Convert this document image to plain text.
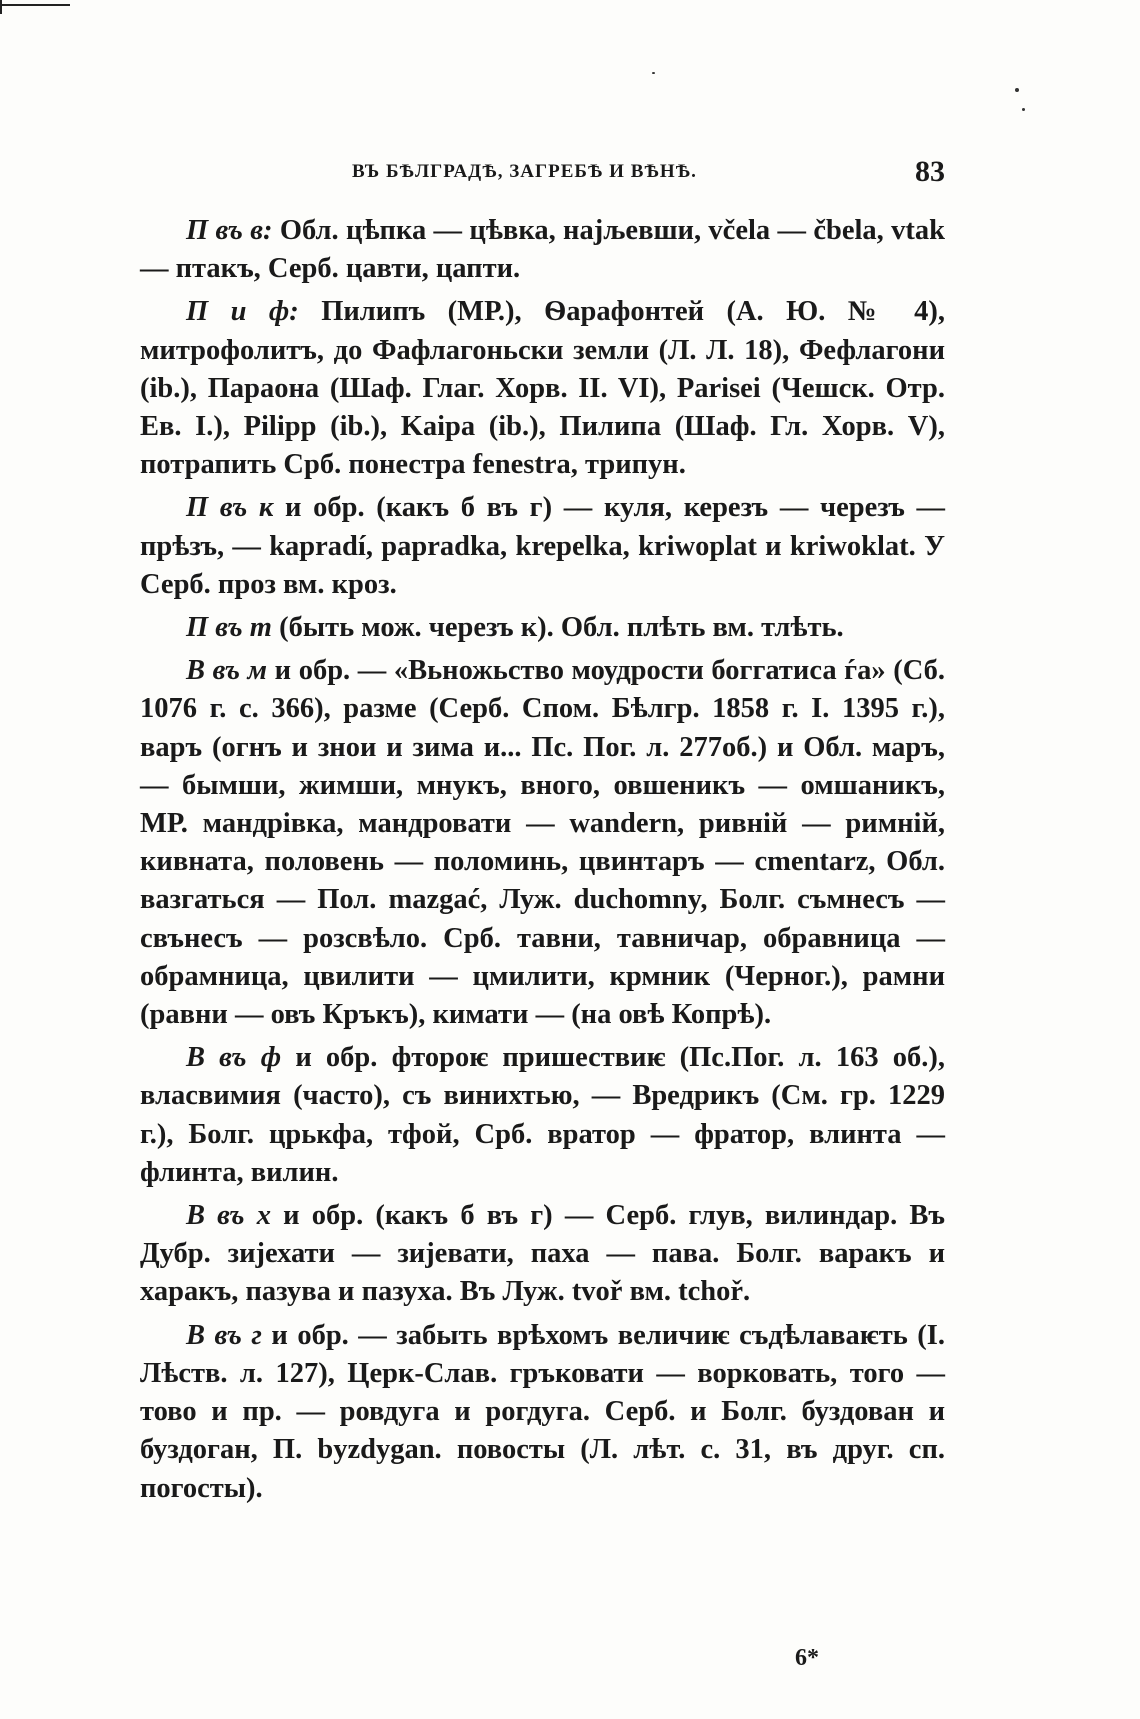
ВЪ БѢЛГРАДѢ, ЗАГРЕБѢ И ВѢНѢ.	83

П въ в: Обл. цѣпка — цѣвка, најљевши, včela — čbela, vtak — птакъ, Серб. цавти, цапти.

П и ф: Пилипъ (МР.), Ѳарафонтей (А. Ю. № 4), митрофолитъ, до Фафлагоньски земли (Л. Л. 18), Фефлагони (ib.), Параона (Шаф. Глаг. Хорв. II. VI), Parisei (Чешск. Отр. Ев. I.), Pilipp (ib.), Kaipa (ib.), Пилипа (Шаф. Гл. Хорв. V), потрапить Срб. понестра fenestra, трипун.

П въ к и обр. (какъ б въ г) — куля, керезъ — черезъ — прѣзъ, — kapradí, papradka, krepelka, kriwoplat и kriwoklat. У Серб. проз вм. кроз.

П въ т (быть мож. черезъ к). Обл. плѣть вм. тлѣть.

В въ м и обр. — «Вьножьство моудрости боггатиса ѓа» (Сб. 1076 г. с. 366), разме (Серб. Спом. Бѣлгр. 1858 г. I. 1395 г.), варъ (огнъ и знои и зима и... Пс. Пог. л. 277об.) и Обл. маръ, — бымши, жимши, мнукъ, вного, овшеникъ — омшаникъ, МР. мандрівка, мандровати — wandern, ривній — римній, кивната, половень — поломинь, цвинтаръ — cmentarz, Обл. вазгаться — Пол. mazgać, Луж. duchomny, Болг. съмнесъ — свънесъ — розсвѣло. Срб. тавни, тавничар, обравница — обрамница, цвилити — цмилити, крмник (Черног.), рамни (равни — овъ Кръкъ), кимати — (на овѣ Копрѣ).

В въ ф и обр. фтороѥ пришествиѥ (Пс.Пог. л. 163 об.), власвимия (часто), съ винихтью, — Вредрикъ (См. гр. 1229 г.), Болг. црькфа, тфой, Срб. вратор — фратор, влинта — флинта, вилин.

В въ х и обр. (какъ б въ г) — Серб. глув, вилиндар. Въ Дубр. зијехати — зијевати, паха — пава. Болг. варакъ и харакъ, пазува и пазуха. Въ Луж. tvoř вм. tchoř.

В въ г и обр. — забыть врѣхомъ величиѥ съдѣлаваѥть (I. Лѣств. л. 127), Церк-Слав. гръковати — ворковать, того — тово и пр. — ровдуга и рогдуга. Серб. и Болг. буздован и буздоган, П. byzdygan. повосты (Л. лѣт. с. 31, въ друг. сп. погосты).

6*
